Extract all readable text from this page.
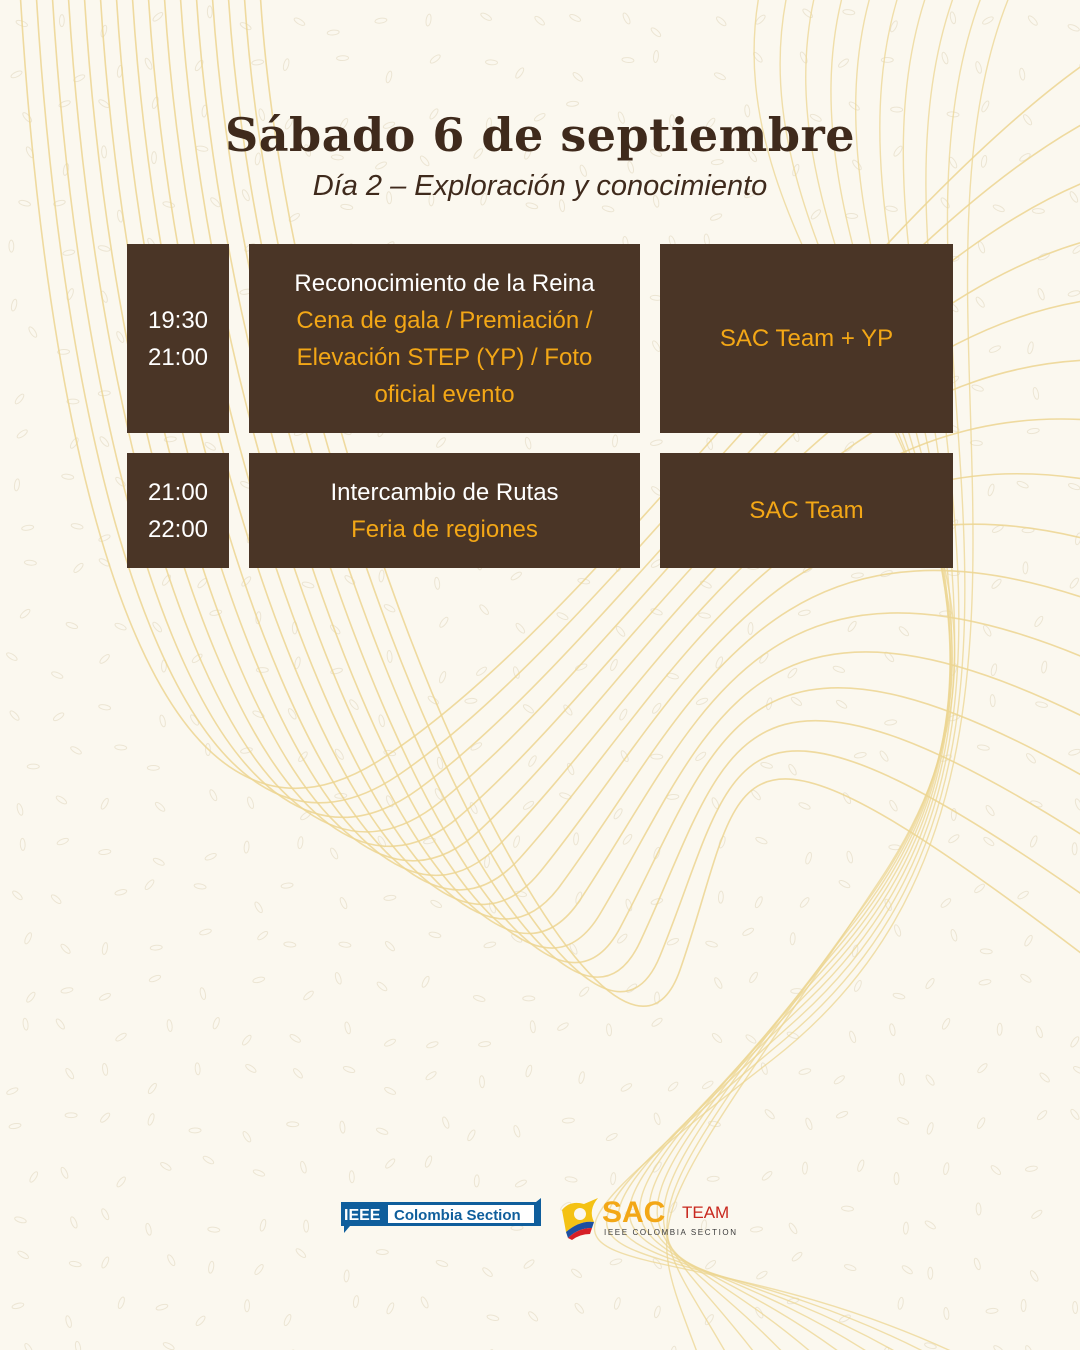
Sábado 6 de septiembre
Día 2 – Exploración y conocimiento
19:30
21:00
Reconocimiento de la Reina
Cena de gala / Premiación / Elevación STEP (YP) / Foto oficial evento
SAC Team + YP
21:00
22:00
Intercambio de Rutas
Feria de regiones
SAC Team
IEEE Colombia Section	SAC TEAM
IEEE COLOMBIA SECTION
